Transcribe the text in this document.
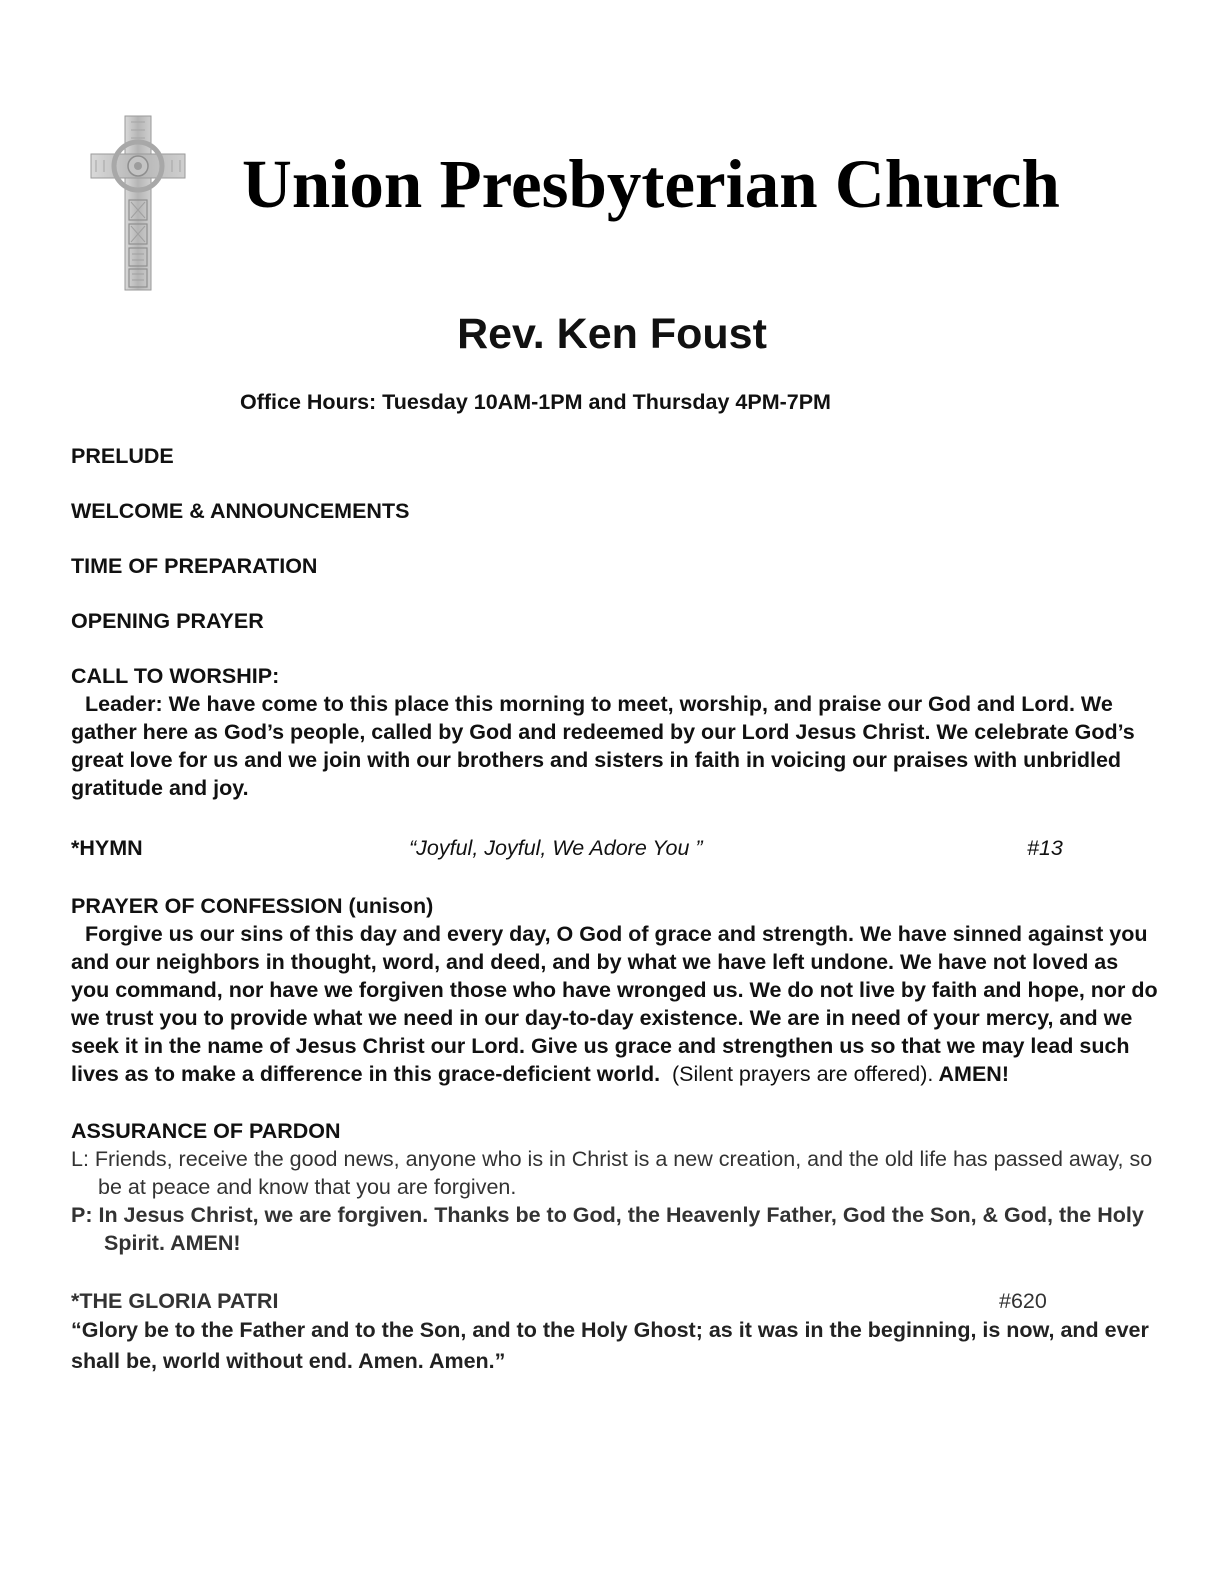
Union Presbyterian Church
Rev. Ken Foust
Office Hours: Tuesday 10AM-1PM and Thursday 4PM-7PM

PRELUDE

WELCOME & ANNOUNCEMENTS

TIME OF PREPARATION

OPENING PRAYER

CALL TO WORSHIP:

Leader: We have come to this place this morning to meet, worship, and praise our God and Lord. We gather here as God’s people, called by God and redeemed by our Lord Jesus Christ. We celebrate God’s great love for us and we join with our brothers and sisters in faith in voicing our praises with unbridled gratitude and joy.

*HYMN	“Joyful, Joyful, We Adore You ”	#13

PRAYER OF CONFESSION (unison)

Forgive us our sins of this day and every day, O God of grace and strength. We have sinned against you and our neighbors in thought, word, and deed, and by what we have left undone. We have not loved as you command, nor have we forgiven those who have wronged us. We do not live by faith and hope, nor do we trust you to provide what we need in our day-to-day existence. We are in need of your mercy, and we seek it in the name of Jesus Christ our Lord. Give us grace and strengthen us so that we may lead such lives as to make a difference in this grace-deficient world. (Silent prayers are offered). AMEN!

ASSURANCE OF PARDON

L: Friends, receive the good news, anyone who is in Christ is a new creation, and the old life has passed away, so be at peace and know that you are forgiven.

P: In Jesus Christ, we are forgiven. Thanks be to God, the Heavenly Father, God the Son, & God, the Holy Spirit. AMEN!

*THE GLORIA PATRI	#620

“Glory be to the Father and to the Son, and to the Holy Ghost; as it was in the beginning, is now, and ever shall be, world without end. Amen. Amen.”
